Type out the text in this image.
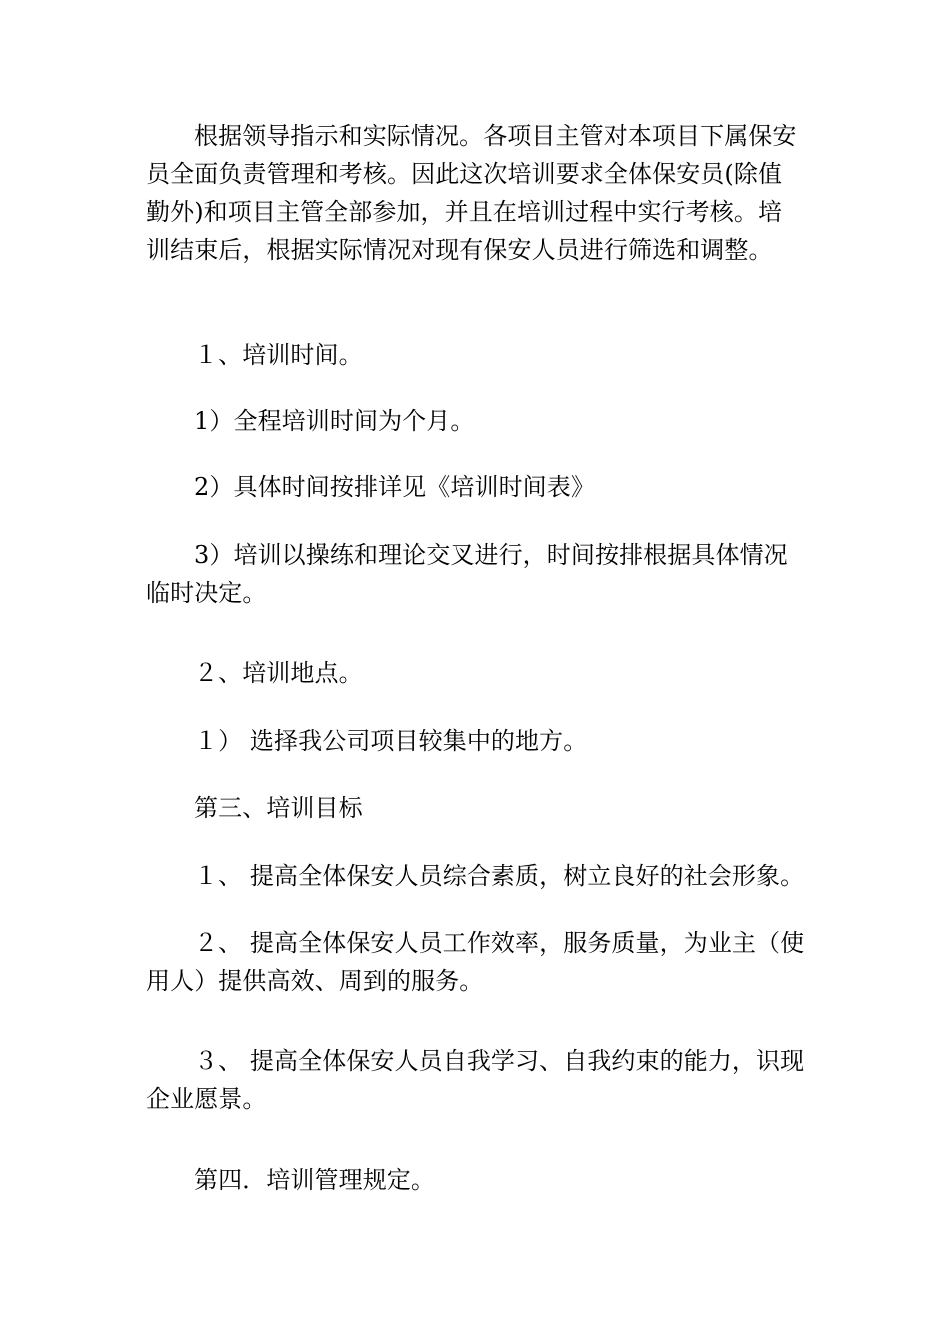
根据领导指示和实际情况。各项目主管对本项目下属保安员全面负责管理和考核。因此这次培训要求全体保安员(除值勤外)和项目主管全部参加，并且在培训过程中实行考核。培训结束后，根据实际情况对现有保安人员进行筛选和调整。

１、培训时间。

1）全程培训时间为个月。

2）具体时间按排详见《培训时间表》

3）培训以操练和理论交叉进行，时间按排根据具体情况临时决定。

２、培训地点。

１） 选择我公司项目较集中的地方。

第三、培训目标

１、 提高全体保安人员综合素质，树立良好的社会形象。

２、 提高全体保安人员工作效率，服务质量，为业主（使用人）提供高效、周到的服务。

３、 提高全体保安人员自我学习、自我约束的能力，识现企业愿景。

第四．培训管理规定。
